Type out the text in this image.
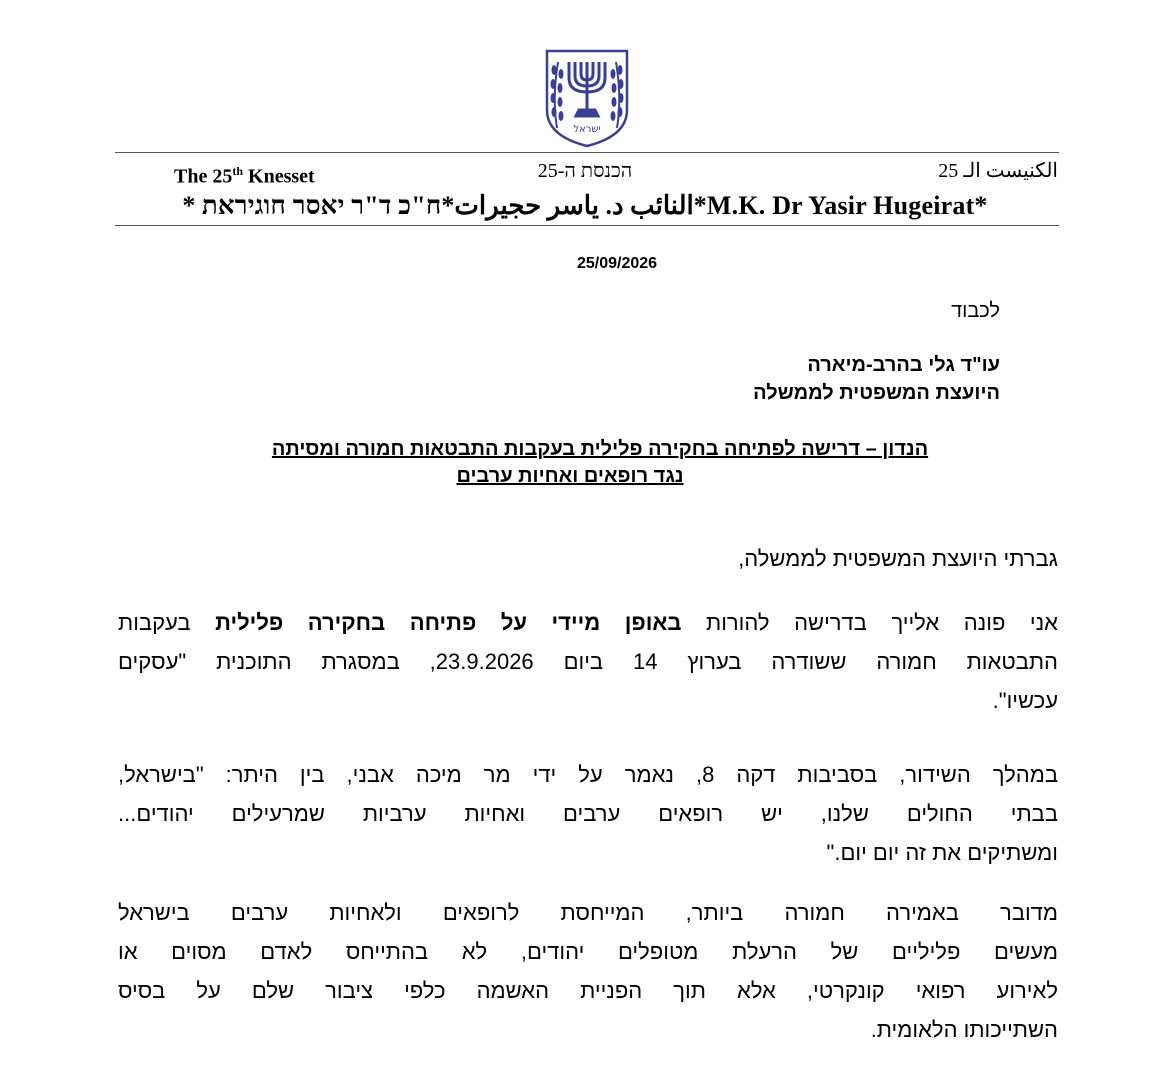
ישראל
The 25th Knesset	הכנסת ה-25	الكنيست الـ 25
* النائب د. ياسر حجيرات*ח"כ ד"ר יאסר חוגיראת*M.K. Dr Yasir Hugeirat*
25/09/2026
לכבוד
עו"ד גלי בהרב-מיארה
היועצת המשפטית לממשלה
הנדון – דרישה לפתיחה בחקירה פלילית בעקבות התבטאות חמורה ומסיתה
נגד רופאים ואחיות ערבים
גברתי היועצת המשפטית לממשלה,
אני פונה אלייך בדרישה להורות באופן מיידי על פתיחה בחקירה פלילית בעקבות
התבטאות חמורה ששודרה בערוץ 14 ביום 23.9.2026, במסגרת התוכנית "עסקים
עכשיו".
במהלך השידור, בסביבות דקה 8, נאמר על ידי מר מיכה אבני, בין היתר: "בישראל,
בבתי החולים שלנו, יש רופאים ערבים ואחיות ערביות שמרעילים יהודים...
ומשתיקים את זה יום יום."
מדובר באמירה חמורה ביותר, המייחסת לרופאים ולאחיות ערבים בישראל
מעשים פליליים של הרעלת מטופלים יהודים, לא בהתייחס לאדם מסוים או
לאירוע רפואי קונקרטי, אלא תוך הפניית האשמה כלפי ציבור שלם על בסיס
השתייכותו הלאומית.
